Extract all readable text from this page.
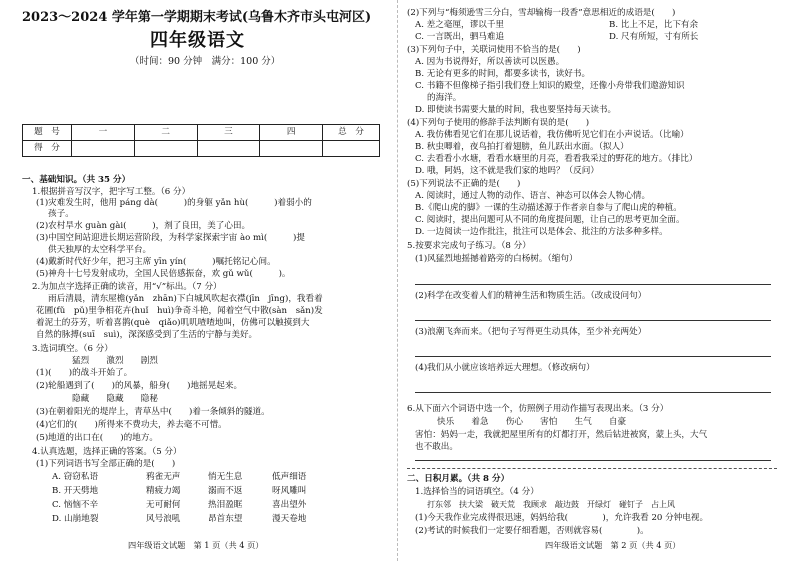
2023～2024 学年第一学期期末考试(乌鲁木齐市头屯河区)
四年级语文
（时间：90 分钟　满分：100 分）
题　号	一	二	三	四	总　分
得　分					
一、基础知识。（共 35 分）
1.根据拼音写汉字，把字写工整。（6 分）
(1)灾难发生时，他用 páng dà(　　　)的身躯 yǎn hù(　　　)着弱小的
孩子。
(2)农村旱水 guàn gài(　　　)，剂了良田，美了心田。
(3)中国空间站迎进长期运营阶段，为科学家探索宇宙 ào mì(　　　)提
供天独厚的太空科学平台。
(4)戴新时代好少年，把习主席 yīn yín(　　　)嘱托铭记心间。
(5)神舟十七号发射成功，全国人民倍感振奋，欢 gǔ wǔ(　　　)。
2.为加点字选择正确的读音，用“√”标出。（7 分）
雨后清晨，清东屋檐(yǎn　zhān)下白城风吹起衣襟(jīn　jīng)，我看着
花圃(fǔ　pǔ)里争相花卉(huǐ　huì)争奇斗艳，闻着空气中散(sàn　sǎn)发
着泥土的芬芳，听着喜鹊(què　qiǎo)叽叽喳喳地叫，仿佛可以触摸到大
自然的脉搏(suī　suì)，深深感受到了生活的宁静与美好。
3.选词填空。（6 分）
猛烈　　激烈　　剧烈
(1)(　　)的战斗开始了。
(2)轮船遇到了(　　)的风暴，船身(　　)地摇晃起来。
隐藏　　隐藏　　隐秘
(3)在朝着阳光的堤岸上，青草丛中(　　)着一条倾斜的隧道。
(4)它们的(　　)所得来不费功夫，养去毫不可惜。
(5)地道的出口在(　　)的地方。
4.认真选题，选择正确的答案。（5 分）
(1)下列词语书写全部正确的是(　　)
A. 窃窃私语	鸦雀无声	悄无生息	低声细语
B. 开天劈地	精疲力竭	溺而不返	呀风雕叫
C. 恼恼不辛	无可耐何	热泪盈眶	喜出望外
D. 山崩地裂	风号浪吼	昂首东望	漫天卷地
四年级语文试题　第 1 页（共 4 页）
(2)下列与“梅须逊雪三分白，雪却输梅一段香”意思相近的成语是(　　)
A. 差之毫厘，谬以千里	B. 比上不足，比下有余
C. 一言既出，驷马难追	D. 尺有所短，寸有所长
(3)下列句子中，关联词使用不恰当的是(　　)
A. 因为书说得好，所以善读可以医愚。
B. 无论有更多的时间，都要多读书，读好书。
C. 书籍不但像梯子指引我们登上知识的殿堂，还像小舟带我们遨游知识
的海洋。
D. 即使读书需要大量的时间，我也要坚持每天读书。
(4)下列句子使用的修辞手法判断有误的是(　　)
A. 我仿佛看见它们在那儿说话着，我仿佛听见它们在小声说话。（比喻）
B. 秋虫唧着，夜鸟拍打着翅膀，鱼儿跃出水面。（拟人）
C. 去看看小水塘，看看水塘里的月亮，看看我采过的野花的地方。（排比）
D. 哦，阿妈，这不就是我们家的地吗？（反问）
(5)下列说法不正确的是(　　)
A. 阅读时，通过人物的动作、语言、神态可以体会人物心情。
B.《爬山虎的脚》一课的生动描述源于作者亲自参与了爬山虎的种植。
C. 阅读时，提出问题可从不同的角度提问题，让自己的思考更加全面。
D. 一边阅读一边作批注，批注可以是体会、批注的方法多种多样。
5.按要求完成句子练习。（8 分）
(1)风猛烈地摇撼着路旁的白杨树。（缩句）
(2)科学在改变着人们的精神生活和物质生活。（改成设问句）
(3)浪潮飞奔而来。（把句子写得更生动具体，至少补充两处）
(4)我们从小就应该培养远大理想。（修改病句）
6.从下面六个词语中选一个，仿照例子用动作描写表现出来。（3 分）
快乐　　着急　　伤心　　害怕　　生气　　自豪
害怕：妈妈一走，我就把屋里所有的灯都打开，然后钻进被窝，蒙上头，大气
也不敢出。
二、日积月累。（共 8 分）
1.选择恰当的词语填空。（4 分）
打东邻　扶大梁　破天荒　我顾求　敲边鼓　开绿灯　碰钉子　占上风
(1)今天我作业完成得很迅速，妈妈给我(　　　　)，允许我看 20 分钟电视。
(2)考试的时候我们一定要仔细看题，否则就容易(　　　　)。
四年级语文试题　第 2 页（共 4 页）
